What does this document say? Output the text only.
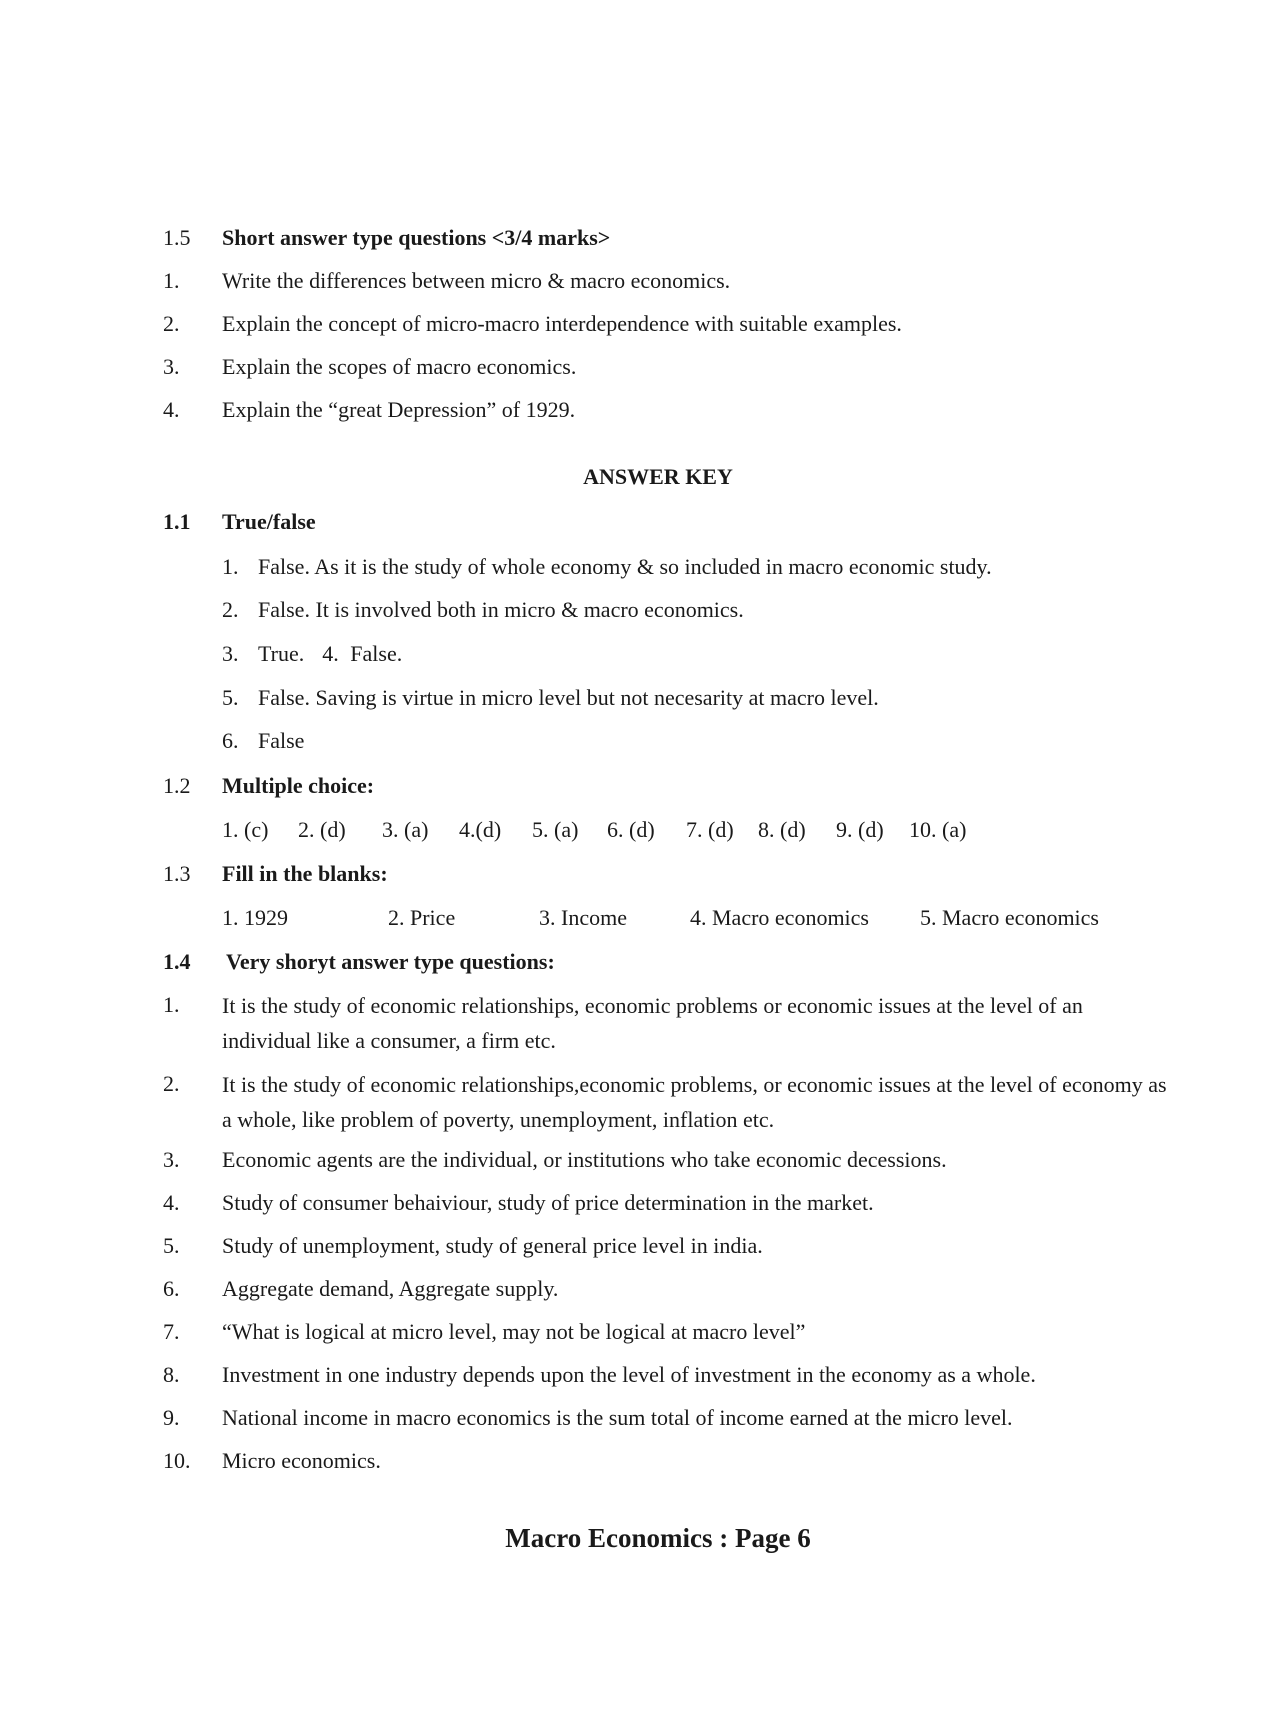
1.5 Short answer type questions <3/4 marks>
1. Write the differences between micro & macro economics.
2. Explain the concept of micro-macro interdependence with suitable examples.
3. Explain the scopes of macro economics.
4. Explain the “great Depression” of 1929.
ANSWER KEY
1.1 True/false
1. False. As it is the study of whole economy & so included in macro economic study.
2. False. It is involved both in micro & macro economics.
3. True. 4. False.
5. False. Saving is virtue in micro level but not necesarity at macro level.
6. False
1.2 Multiple choice:
1. (c) 2. (d) 3. (a) 4.(d) 5. (a) 6. (d) 7. (d) 8. (d) 9. (d) 10. (a)
1.3 Fill in the blanks:
1. 1929	2. Price	3. Income	4. Macro economics 5. Macro economics
1.4 Very shoryt answer type questions:
1. It is the study of economic relationships, economic problems or economic issues at the level of an individual like a consumer, a firm etc.
2. It is the study of economic relationships,economic problems, or economic issues at the level of economy as a whole, like problem of poverty, unemployment, inflation etc.
3. Economic agents are the individual, or institutions who take economic decessions.
4. Study of consumer behaiviour, study of price determination in the market.
5. Study of unemployment, study of general price level in india.
6. Aggregate demand, Aggregate supply.
7. “What is logical at micro level, may not be logical at macro level”
8. Investment in one industry depends upon the level of investment in the economy as a whole.
9. National income in macro economics is the sum total of income earned at the micro level.
10. Micro economics.
Macro Economics : Page 6
